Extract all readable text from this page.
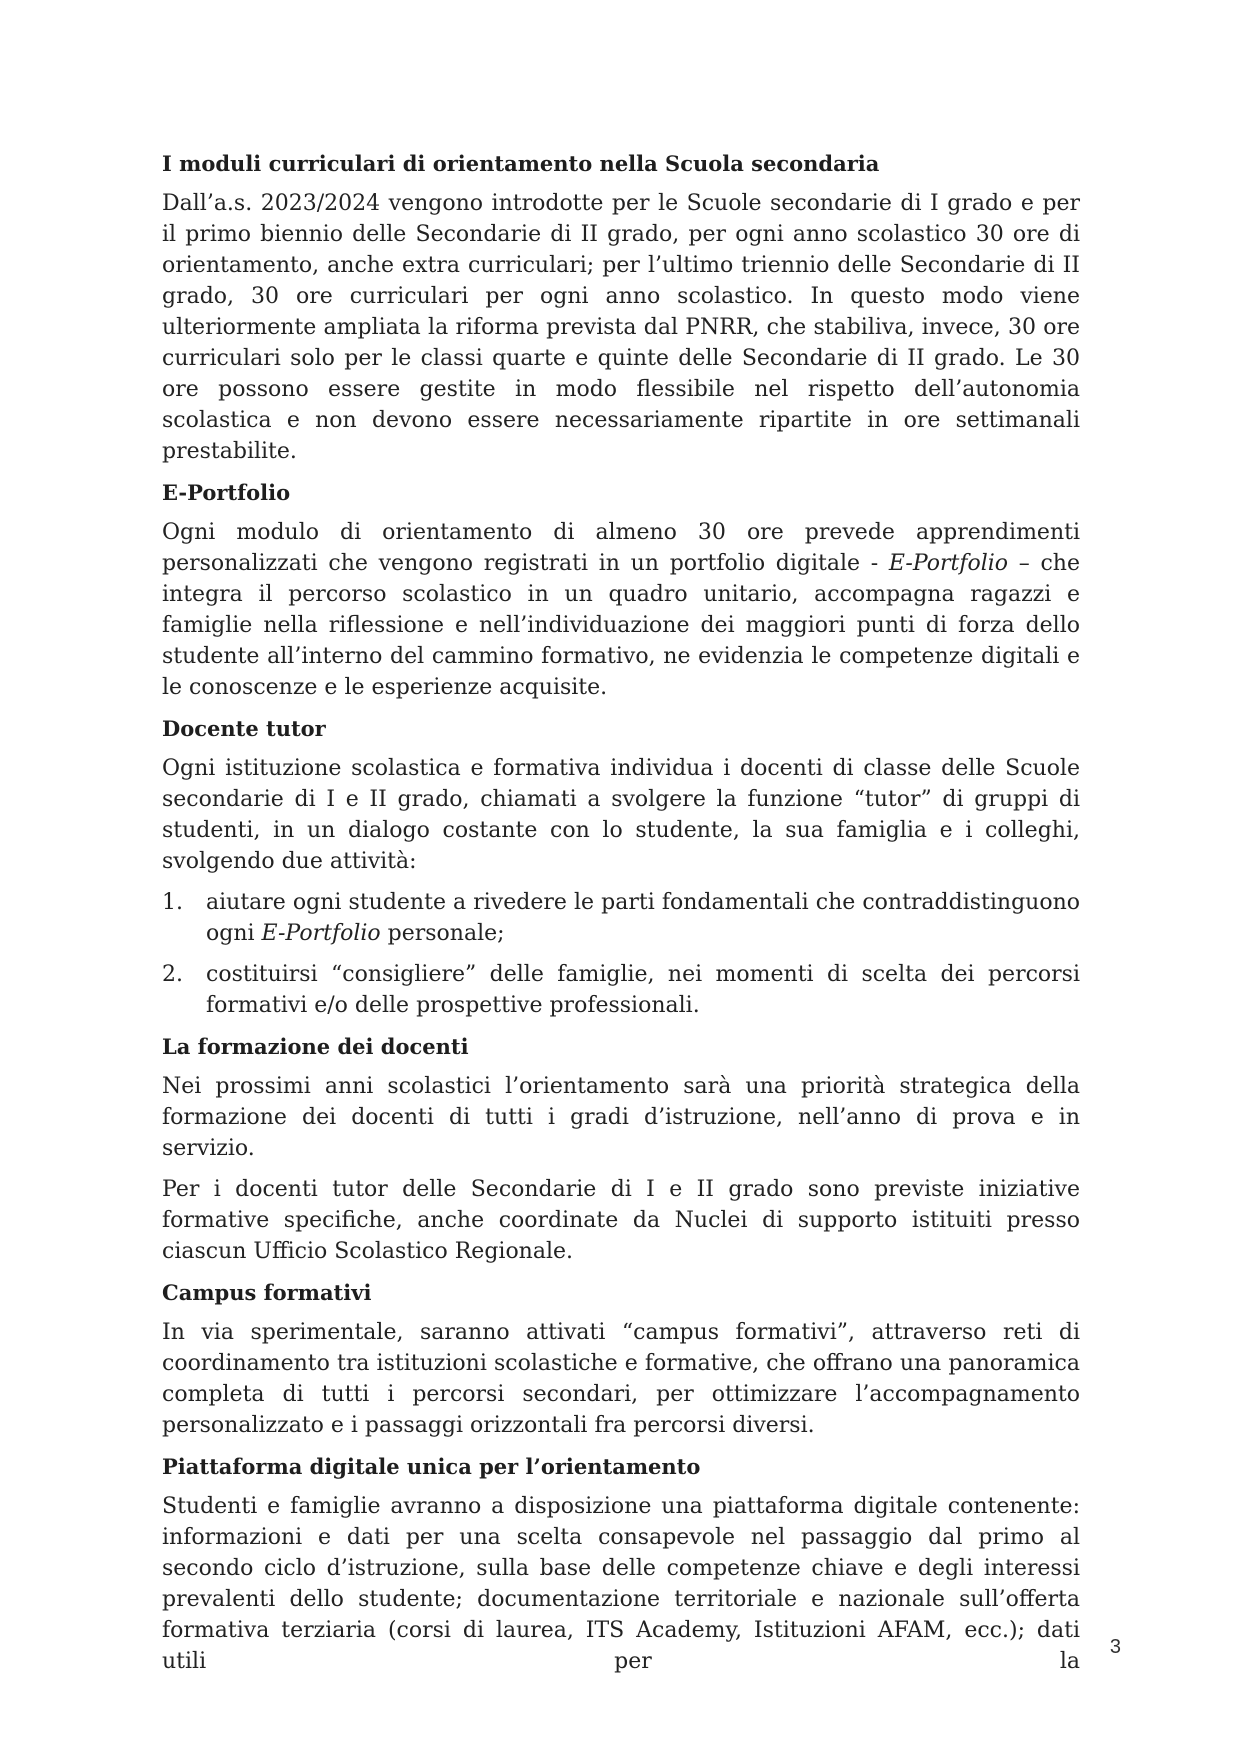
I moduli curriculari di orientamento nella Scuola secondaria

Dall’a.s. 2023/2024 vengono introdotte per le Scuole secondarie di I grado e per il primo biennio delle Secondarie di II grado, per ogni anno scolastico 30 ore di orientamento, anche extra curriculari; per l’ultimo triennio delle Secondarie di II grado, 30 ore curriculari per ogni anno scolastico. In questo modo viene ulteriormente ampliata la riforma prevista dal PNRR, che stabiliva, invece, 30 ore curriculari solo per le classi quarte e quinte delle Secondarie di II grado. Le 30 ore possono essere gestite in modo flessibile nel rispetto dell’autonomia scolastica e non devono essere necessariamente ripartite in ore settimanali prestabilite.

E-Portfolio

Ogni modulo di orientamento di almeno 30 ore prevede apprendimenti personalizzati che vengono registrati in un portfolio digitale - E-Portfolio – che integra il percorso scolastico in un quadro unitario, accompagna ragazzi e famiglie nella riflessione e nell’individuazione dei maggiori punti di forza dello studente all’interno del cammino formativo, ne evidenzia le competenze digitali e le conoscenze e le esperienze acquisite.

Docente tutor

Ogni istituzione scolastica e formativa individua i docenti di classe delle Scuole secondarie di I e II grado, chiamati a svolgere la funzione “tutor” di gruppi di studenti, in un dialogo costante con lo studente, la sua famiglia e i colleghi, svolgendo due attività:

1. aiutare ogni studente a rivedere le parti fondamentali che contraddistinguono ogni E-Portfolio personale;
2. costituirsi “consigliere” delle famiglie, nei momenti di scelta dei percorsi formativi e/o delle prospettive professionali.
La formazione dei docenti

Nei prossimi anni scolastici l’orientamento sarà una priorità strategica della formazione dei docenti di tutti i gradi d’istruzione, nell’anno di prova e in servizio.

Per i docenti tutor delle Secondarie di I e II grado sono previste iniziative formative specifiche, anche coordinate da Nuclei di supporto istituiti presso ciascun Ufficio Scolastico Regionale.

Campus formativi

In via sperimentale, saranno attivati “campus formativi”, attraverso reti di coordinamento tra istituzioni scolastiche e formative, che offrano una panoramica completa di tutti i percorsi secondari, per ottimizzare l’accompagnamento personalizzato e i passaggi orizzontali fra percorsi diversi.

Piattaforma digitale unica per l’orientamento

Studenti e famiglie avranno a disposizione una piattaforma digitale contenente: informazioni e dati per una scelta consapevole nel passaggio dal primo al secondo ciclo d’istruzione, sulla base delle competenze chiave e degli interessi prevalenti dello studente; documentazione territoriale e nazionale sull’offerta formativa terziaria (corsi di laurea, ITS Academy, Istituzioni AFAM, ecc.); dati utili per la

3
